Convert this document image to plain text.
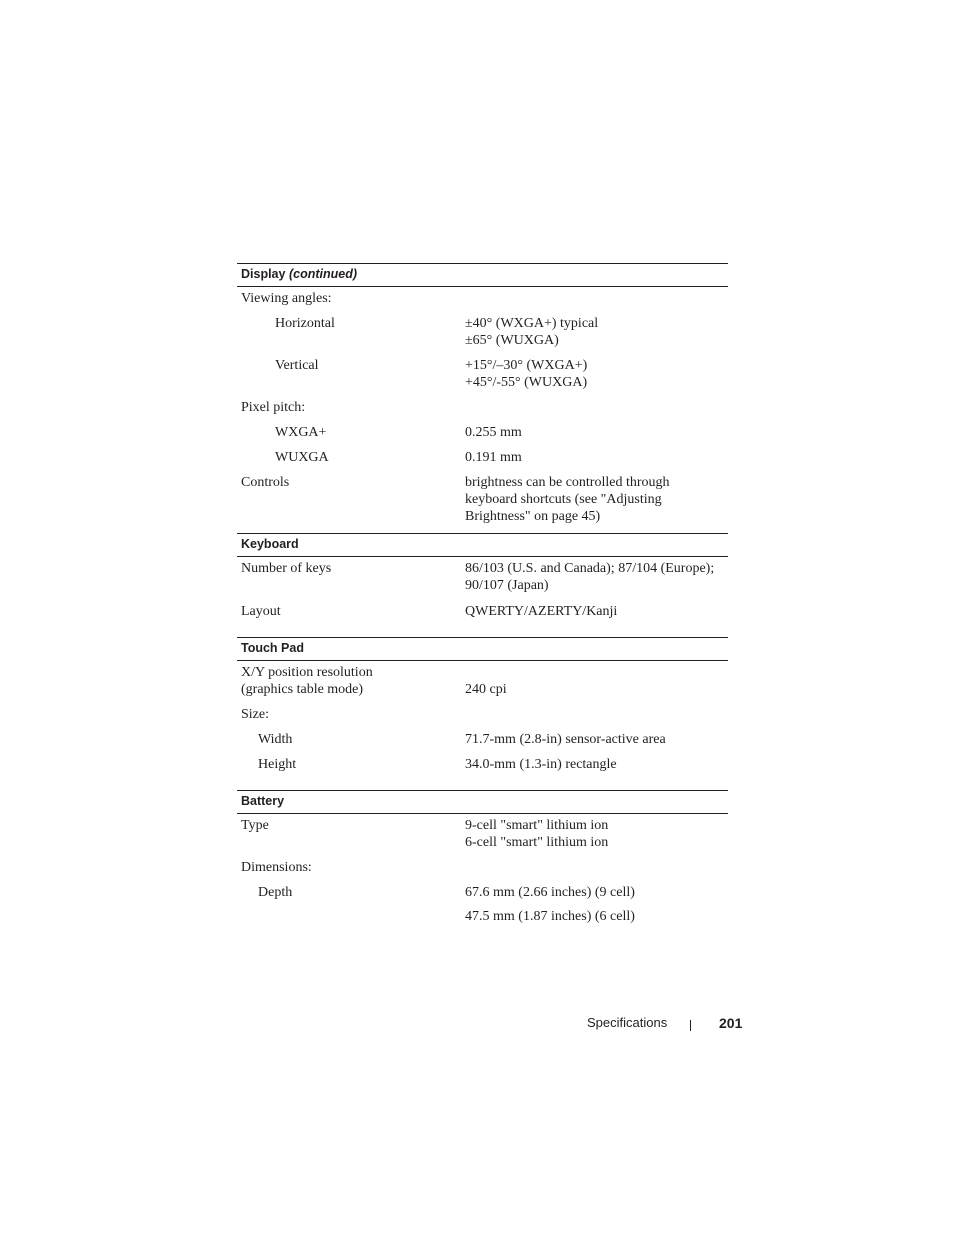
Display (continued)
Viewing angles:
Horizontal	±40° (WXGA+) typical
±65° (WUXGA)
Vertical	+15°/–30° (WXGA+)
+45°/-55° (WUXGA)
Pixel pitch:
WXGA+	0.255 mm
WUXGA	0.191 mm
Controls	brightness can be controlled through
keyboard shortcuts (see "Adjusting
Brightness" on page 45)
Keyboard
Number of keys	86/103 (U.S. and Canada); 87/104 (Europe);
90/107 (Japan)
Layout	QWERTY/AZERTY/Kanji
Touch Pad
X/Y position resolution
(graphics table mode)	240 cpi
Size:
Width	71.7-mm (2.8-in) sensor-active area
Height	34.0-mm (1.3-in) rectangle
Battery
Type	9-cell "smart" lithium ion
6-cell "smart" lithium ion
Dimensions:
Depth	67.6 mm (2.66 inches) (9 cell)
47.5 mm (1.87 inches) (6 cell)
Specifications	201
